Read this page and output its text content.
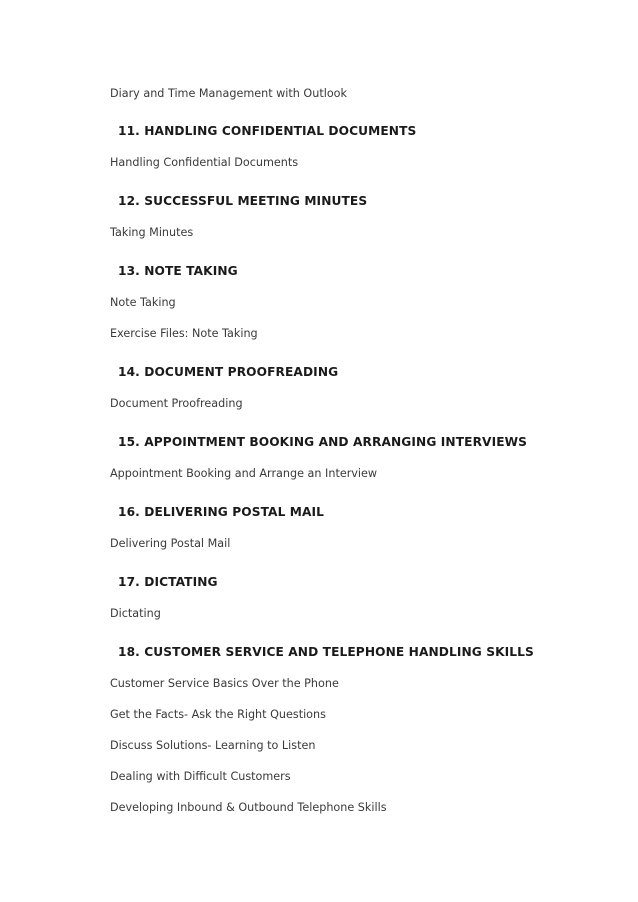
Diary and Time Management with Outlook
11. HANDLING CONFIDENTIAL DOCUMENTS
Handling Confidential Documents
12. SUCCESSFUL MEETING MINUTES
Taking Minutes
13. NOTE TAKING
Note Taking
Exercise Files: Note Taking
14. DOCUMENT PROOFREADING
Document Proofreading
15. APPOINTMENT BOOKING AND ARRANGING INTERVIEWS
Appointment Booking and Arrange an Interview
16. DELIVERING POSTAL MAIL
Delivering Postal Mail
17. DICTATING
Dictating
18. CUSTOMER SERVICE AND TELEPHONE HANDLING SKILLS
Customer Service Basics Over the Phone
Get the Facts- Ask the Right Questions
Discuss Solutions- Learning to Listen
Dealing with Difficult Customers
Developing Inbound & Outbound Telephone Skills
